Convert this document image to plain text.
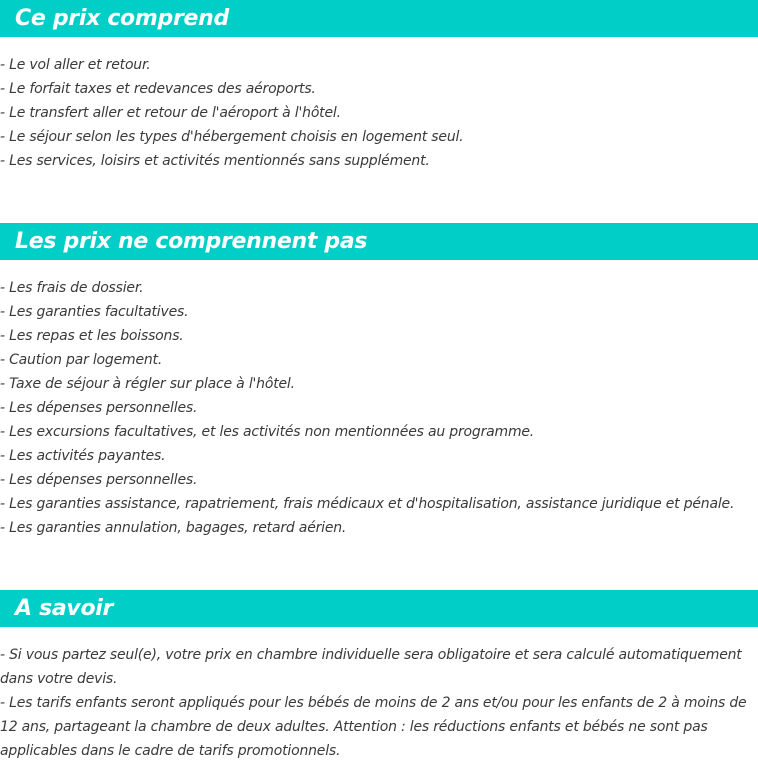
Ce prix comprend
- Le vol aller et retour.
- Le forfait taxes et redevances des aéroports.
- Le transfert aller et retour de l'aéroport à l'hôtel.
- Le séjour selon les types d'hébergement choisis en logement seul.
- Les services, loisirs et activités mentionnés sans supplément.
Les prix ne comprennent pas
- Les frais de dossier.
- Les garanties facultatives.
- Les repas et les boissons.
- Caution par logement.
- Taxe de séjour à régler sur place à l'hôtel.
- Les dépenses personnelles.
- Les excursions facultatives, et les activités non mentionnées au programme.
- Les activités payantes.
- Les dépenses personnelles.
- Les garanties assistance, rapatriement, frais médicaux et d'hospitalisation, assistance juridique et pénale.
- Les garanties annulation, bagages, retard aérien.
A savoir

- Si vous partez seul(e), votre prix en chambre individuelle sera obligatoire et sera calculé automatiquement dans votre devis.

- Les tarifs enfants seront appliqués pour les bébés de moins de 2 ans et/ou pour les enfants de 2 à moins de 12 ans, partageant la chambre de deux adultes. Attention : les réductions enfants et bébés ne sont pas applicables dans le cadre de tarifs promotionnels.
